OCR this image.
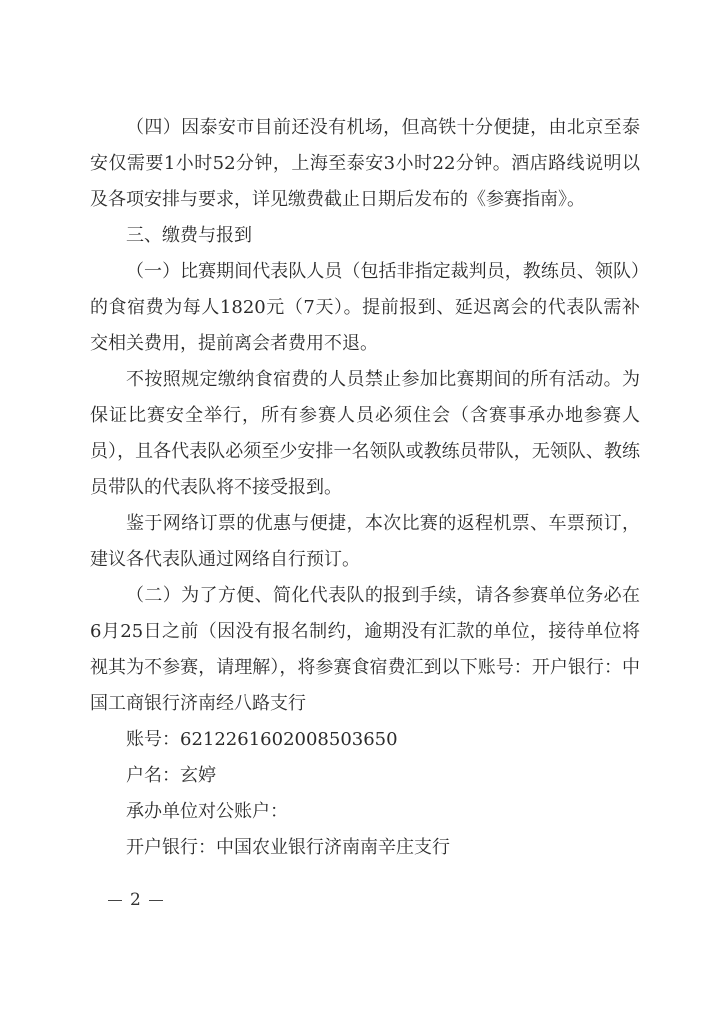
（四）因泰安市目前还没有机场，但高铁十分便捷，由北京至泰安仅需要1小时52分钟，上海至泰安3小时22分钟。酒店路线说明以及各项安排与要求，详见缴费截止日期后发布的《参赛指南》。

三、缴费与报到

（一）比赛期间代表队人员（包括非指定裁判员，教练员、领队）的食宿费为每人1820元（7天）。提前报到、延迟离会的代表队需补交相关费用，提前离会者费用不退。

不按照规定缴纳食宿费的人员禁止参加比赛期间的所有活动。为保证比赛安全举行，所有参赛人员必须住会（含赛事承办地参赛人员），且各代表队必须至少安排一名领队或教练员带队，无领队、教练员带队的代表队将不接受报到。

鉴于网络订票的优惠与便捷，本次比赛的返程机票、车票预订，建议各代表队通过网络自行预订。

（二）为了方便、简化代表队的报到手续，请各参赛单位务必在6月25日之前（因没有报名制约，逾期没有汇款的单位，接待单位将视其为不参赛，请理解），将参赛食宿费汇到以下账号：开户银行：中国工商银行济南经八路支行

账号：6212261602008503650

户名：玄婷

承办单位对公账户：

开户银行：中国农业银行济南南辛庄支行

2
